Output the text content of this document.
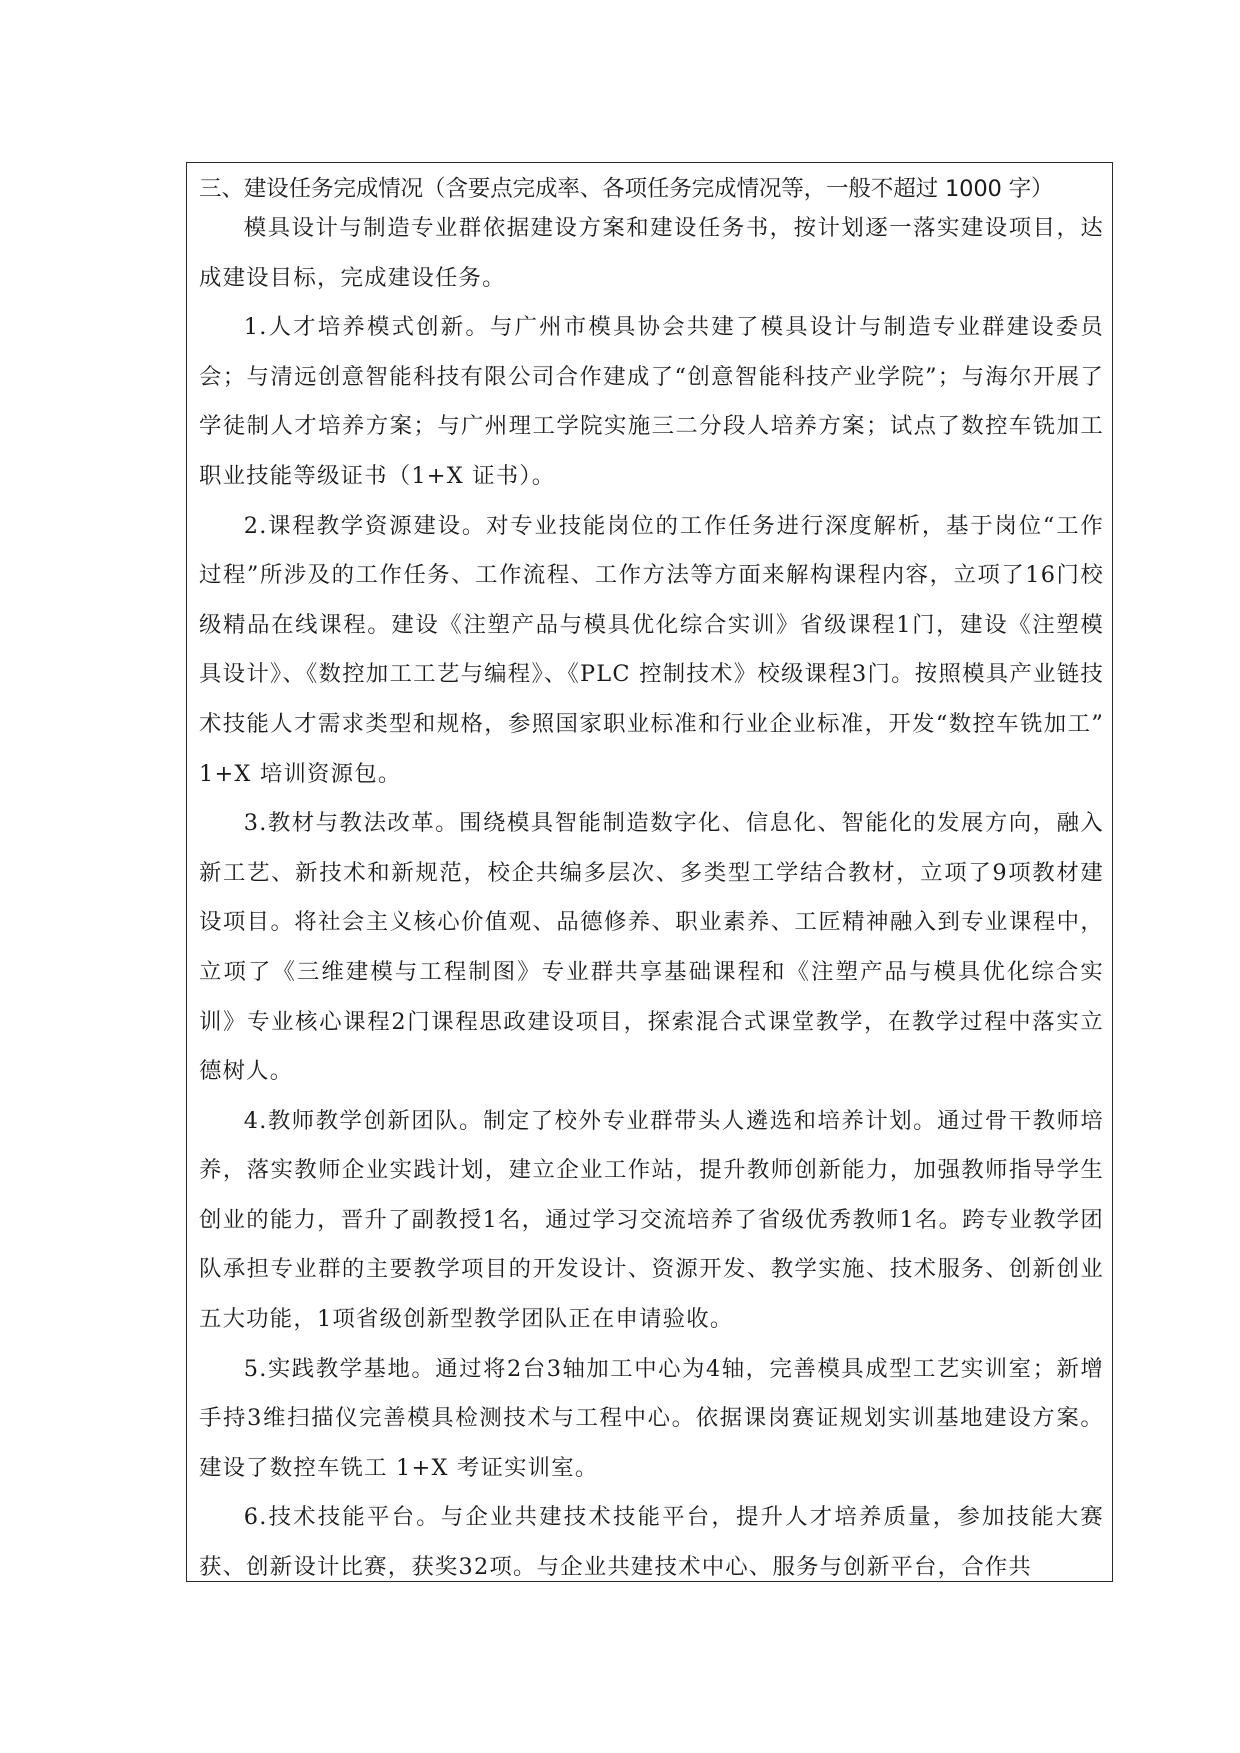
三、建设任务完成情况（含要点完成率、各项任务完成情况等，一般不超过 1000 字）

模具设计与制造专业群依据建设方案和建设任务书，按计划逐一落实建设项目，达成建设目标，完成建设任务。

1.人才培养模式创新。与广州市模具协会共建了模具设计与制造专业群建设委员会；与清远创意智能科技有限公司合作建成了“创意智能科技产业学院”；与海尔开展了学徒制人才培养方案；与广州理工学院实施三二分段人培养方案；试点了数控车铣加工职业技能等级证书（1+X 证书）。

2.课程教学资源建设。对专业技能岗位的工作任务进行深度解析，基于岗位“工作过程”所涉及的工作任务、工作流程、工作方法等方面来解构课程内容，立项了16门校级精品在线课程。建设《注塑产品与模具优化综合实训》省级课程1门，建设《注塑模具设计》、《数控加工工艺与编程》、《PLC 控制技术》校级课程3门。按照模具产业链技术技能人才需求类型和规格，参照国家职业标准和行业企业标准，开发“数控车铣加工” 1+X 培训资源包。

3.教材与教法改革。围绕模具智能制造数字化、信息化、智能化的发展方向，融入新工艺、新技术和新规范，校企共编多层次、多类型工学结合教材，立项了9项教材建设项目。将社会主义核心价值观、品德修养、职业素养、工匠精神融入到专业课程中，立项了《三维建模与工程制图》专业群共享基础课程和《注塑产品与模具优化综合实训》专业核心课程2门课程思政建设项目，探索混合式课堂教学，在教学过程中落实立德树人。

4.教师教学创新团队。制定了校外专业群带头人遴选和培养计划。通过骨干教师培养，落实教师企业实践计划，建立企业工作站，提升教师创新能力，加强教师指导学生创业的能力，晋升了副教授1名，通过学习交流培养了省级优秀教师1名。跨专业教学团队承担专业群的主要教学项目的开发设计、资源开发、教学实施、技术服务、创新创业五大功能，1项省级创新型教学团队正在申请验收。

5.实践教学基地。通过将2台3轴加工中心为4轴，完善模具成型工艺实训室；新增手持3维扫描仪完善模具检测技术与工程中心。依据课岗赛证规划实训基地建设方案。建设了数控车铣工 1+X 考证实训室。

6.技术技能平台。与企业共建技术技能平台，提升人才培养质量，参加技能大赛获、创新设计比赛，获奖32项。与企业共建技术中心、服务与创新平台，合作共
